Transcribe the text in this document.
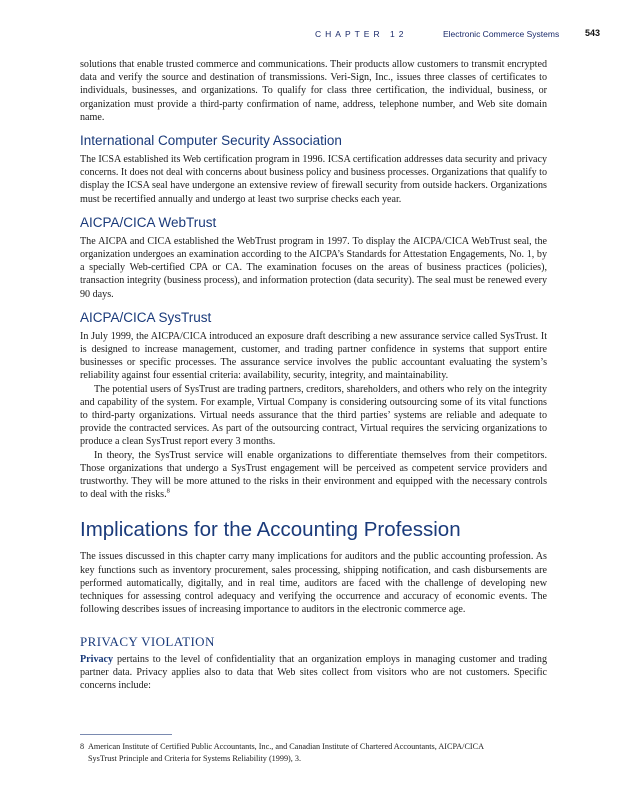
CHAPTER 12	Electronic Commerce Systems	543

solutions that enable trusted commerce and communications. Their products allow customers to transmit encrypted data and verify the source and destination of transmissions. Veri-Sign, Inc., issues three classes of certificates to individuals, businesses, and organizations. To qualify for class three certification, the individual, business, or organization must provide a third-party confirmation of name, address, telephone number, and Web site domain name.

International Computer Security Association

The ICSA established its Web certification program in 1996. ICSA certification addresses data security and privacy concerns. It does not deal with concerns about business policy and business processes. Organizations that qualify to display the ICSA seal have undergone an extensive review of firewall security from outside hackers. Organizations must be recertified annually and undergo at least two surprise checks each year.

AICPA/CICA WebTrust

The AICPA and CICA established the WebTrust program in 1997. To display the AICPA/CICA WebTrust seal, the organization undergoes an examination according to the AICPA’s Standards for Attestation Engagements, No. 1, by a specially Web-certified CPA or CA. The examination focuses on the areas of business practices (policies), transaction integrity (business process), and information protection (data security). The seal must be renewed every 90 days.

AICPA/CICA SysTrust

In July 1999, the AICPA/CICA introduced an exposure draft describing a new assurance service called SysTrust. It is designed to increase management, customer, and trading partner confidence in systems that support entire businesses or specific processes. The assurance service involves the public accountant evaluating the system’s reliability against four essential criteria: availability, security, integrity, and maintainability.

The potential users of SysTrust are trading partners, creditors, shareholders, and others who rely on the integrity and capability of the system. For example, Virtual Company is considering outsourcing some of its vital functions to third-party organizations. Virtual needs assurance that the third parties’ systems are reliable and adequate to provide the contracted services. As part of the outsourcing contract, Virtual requires the servicing organizations to produce a clean SysTrust report every 3 months.

In theory, the SysTrust service will enable organizations to differentiate themselves from their competitors. Those organizations that undergo a SysTrust engagement will be perceived as competent service providers and trustworthy. They will be more attuned to the risks in their environment and equipped with the necessary controls to deal with the risks.$^8$

Implications for the Accounting Profession

The issues discussed in this chapter carry many implications for auditors and the public accounting profession. As key functions such as inventory procurement, sales processing, shipping notification, and cash disbursements are performed automatically, digitally, and in real time, auditors are faced with the challenge of developing new techniques for assessing control adequacy and verifying the occurrence and accuracy of economic events. The following describes issues of increasing importance to auditors in the electronic commerce age.

PRIVACY VIOLATION

Privacy pertains to the level of confidentiality that an organization employs in managing customer and trading partner data. Privacy applies also to data that Web sites collect from visitors who are not customers. Specific concerns include:

8 American Institute of Certified Public Accountants, Inc., and Canadian Institute of Chartered Accountants, AICPA/CICA
SysTrust Principle and Criteria for Systems Reliability (1999), 3.
